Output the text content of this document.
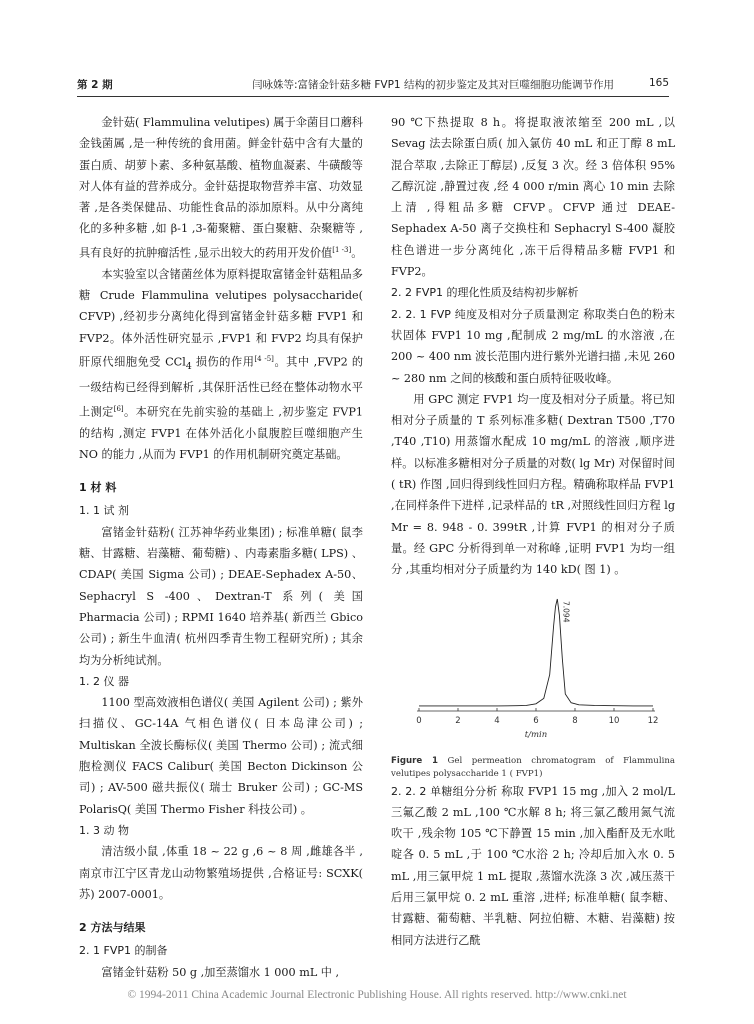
第 2 期	闫咏姝等:富锗金针菇多糖 FVP1 结构的初步鉴定及其对巨噬细胞功能调节作用	165

金针菇( Flammulina velutipes) 属于伞菌目口蘑科金钱菌属 ,是一种传统的食用菌。鲜金针菇中含有大量的蛋白质、胡萝卜素、多种氨基酸、植物血凝素、牛磺酸等对人体有益的营养成分。金针菇提取物营养丰富、功效显著 ,是各类保健品、功能性食品的添加原料。从中分离纯化的多种多糖 ,如 β-1 ,3-葡聚糖、蛋白聚糖、杂聚糖等 ,具有良好的抗肿瘤活性 ,显示出较大的药用开发价值[1 -3]。

本实验室以含锗菌丝体为原料提取富锗金针菇粗品多糖 Crude Flammulina velutipes polysaccharide( CFVP) ,经初步分离纯化得到富锗金针菇多糖 FVP1 和 FVP2。体外活性研究显示 ,FVP1 和 FVP2 均具有保护肝原代细胞免受 CCl$_4$ 损伤的作用[4 -5]。其中 ,FVP2 的一级结构已经得到解析 ,其保肝活性已经在整体动物水平上测定[6]。本研究在先前实验的基础上 ,初步鉴定 FVP1 的结构 ,测定 FVP1 在体外活化小鼠腹腔巨噬细胞产生 NO 的能力 ,从而为 FVP1 的作用机制研究奠定基础。

1 材 料

1. 1 试 剂

富锗金针菇粉( 江苏神华药业集团) ; 标准单糖( 鼠李糖、甘露糖、岩藻糖、葡萄糖) 、内毒素脂多糖( LPS) 、CDAP( 美国 Sigma 公司) ; DEAE-Sephadex A-50、Sephacryl S -400、Dextran-T 系列( 美国 Pharmacia 公司) ; RPMI 1640 培养基( 新西兰 Gbico 公司) ; 新生牛血清( 杭州四季青生物工程研究所) ; 其余均为分析纯试剂。

1. 2 仪 器

1100 型高效液相色谱仪( 美国 Agilent 公司) ; 紫外扫描仪、GC-14A 气相色谱仪( 日本岛津公司) ; Multiskan 全波长酶标仪( 美国 Thermo 公司) ; 流式细胞检测仪 FACS Calibur( 美国 Becton Dickinson 公司) ; AV-500 磁共振仪( 瑞士 Bruker 公司) ; GC-MS PolarisQ( 美国 Thermo Fisher 科技公司) 。

1. 3 动 物

清洁级小鼠 ,体重 18 ~ 22 g ,6 ~ 8 周 ,雌雄各半 ,南京市江宁区青龙山动物繁殖场提供 ,合格证号: SCXK( 苏) 2007-0001。

2 方法与结果

2. 1 FVP1 的制备

富锗金针菇粉 50 g ,加至蒸馏水 1 000 mL 中 ,

90 ℃下热提取 8 h。将提取液浓缩至 200 mL ,以 Sevag 法去除蛋白质( 加入氯仿 40 mL 和正丁醇 8 mL 混合萃取 ,去除正丁醇层) ,反复 3 次。经 3 倍体积 95% 乙醇沉淀 ,静置过夜 ,经 4 000 r/min 离心 10 min 去除上清 ,得粗品多糖 CFVP。CFVP 通过 DEAE-Sephadex A-50 离子交换柱和 Sephacryl S-400 凝胶柱色谱进一步分离纯化 ,冻干后得精品多糖 FVP1 和 FVP2。

2. 2 FVP1 的理化性质及结构初步解析

2. 2. 1 FVP 纯度及相对分子质量测定 称取类白色的粉末状固体 FVP1 10 mg ,配制成 2 mg/mL 的水溶液 ,在 200 ~ 400 nm 波长范围内进行紫外光谱扫描 ,未见 260 ~ 280 nm 之间的核酸和蛋白质特征吸收峰。

用 GPC 测定 FVP1 均一度及相对分子质量。将已知相对分子质量的 T 系列标准多糖( Dextran T500 ,T70 ,T40 ,T10) 用蒸馏水配成 10 mg/mL 的溶液 ,顺序进样。以标准多糖相对分子质量的对数( lg Mr) 对保留时间( tR) 作图 ,回归得到线性回归方程。精确称取样品 FVP1 ,在同样条件下进样 ,记录样品的 tR ,对照线性回归方程 lg Mr = 8. 948 - 0. 399tR ,计算 FVP1 的相对分子质量。经 GPC 分析得到单一对称峰 ,证明 FVP1 为均一组分 ,其重均相对分子质量约为 140 kD( 图 1) 。

0	2	4	6	8	10	12
t/min
7.094

Figure 1 Gel permeation chromatogram of Flammulina velutipes polysaccharide 1 ( FVP1)

2. 2. 2 单糖组分分析 称取 FVP1 15 mg ,加入 2 mol/L三氟乙酸 2 mL ,100 ℃水解 8 h; 将三氯乙酸用氮气流吹干 ,残余物 105 ℃下静置 15 min ,加入酯酐及无水吡啶各 0. 5 mL ,于 100 ℃水浴 2 h; 冷却后加入水 0. 5 mL ,用三氯甲烷 1 mL 提取 ,蒸馏水洗涤 3 次 ,减压蒸干后用三氯甲烷 0. 2 mL 重溶 ,进样; 标准单糖( 鼠李糖、甘露糖、葡萄糖、半乳糖、阿拉伯糖、木糖、岩藻糖) 按相同方法进行乙酰

© 1994-2011 China Academic Journal Electronic Publishing House. All rights reserved. http://www.cnki.net
